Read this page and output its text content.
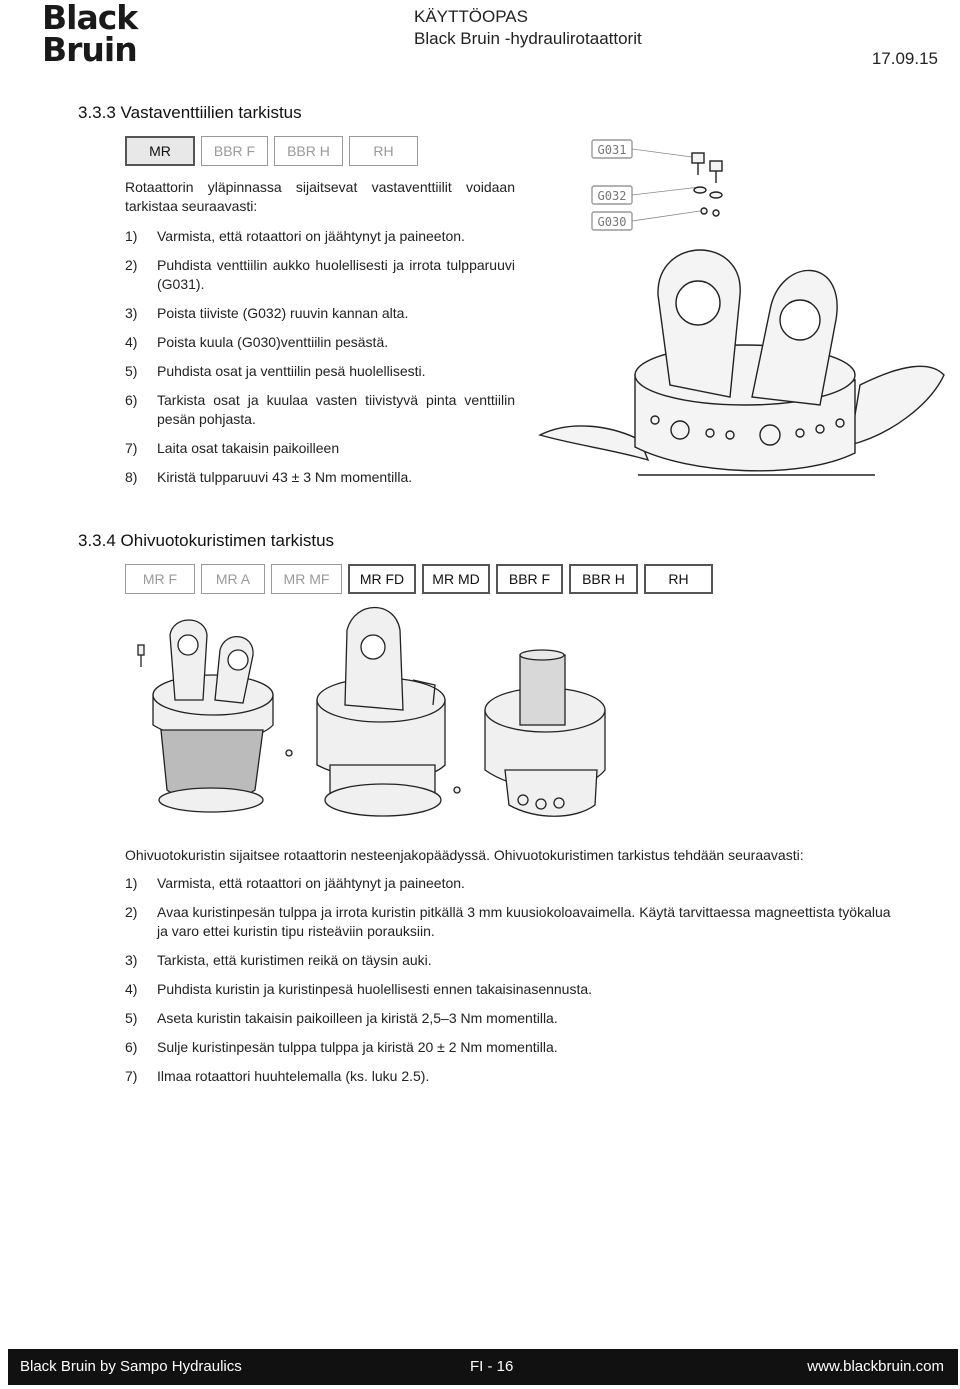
Black
Bruin
KÄYTTÖOPAS
Black Bruin -hydraulirotaattorit
17.09.15
3.3.3 Vastaventtiilien tarkistus
MR	BBR F	BBR H	RH
Rotaattorin yläpinnassa sijaitsevat vastaventtiilit voidaan tarkistaa seuraavasti:
1) Varmista, että rotaattori on jäähtynyt ja paineeton.
2) Puhdista venttiilin aukko huolellisesti ja irrota tulpparuuvi (G031).
3) Poista tiiviste (G032) ruuvin kannan alta.
4) Poista kuula (G030)venttiilin pesästä.
5) Puhdista osat ja venttiilin pesä huolellisesti.
6) Tarkista osat ja kuulaa vasten tiivistyvä pinta venttiilin pesän pohjasta.
7) Laita osat takaisin paikoilleen
8) Kiristä tulpparuuvi 43 ± 3 Nm momentilla.
G031
G032
G030
3.3.4 Ohivuotokuristimen tarkistus
MR F	MR A	MR MF	MR FD	MR MD	BBR F	BBR H	RH
Ohivuotokuristin sijaitsee rotaattorin nesteenjakopäädyssä. Ohivuotokuristimen tarkistus tehdään seuraavasti:
1) Varmista, että rotaattori on jäähtynyt ja paineeton.
2) Avaa kuristinpesän tulppa ja irrota kuristin pitkällä 3 mm kuusiokoloavaimella. Käytä tarvittaessa magneettista työkalua ja varo ettei kuristin tipu risteäviin porauksiin.
3) Tarkista, että kuristimen reikä on täysin auki.
4) Puhdista kuristin ja kuristinpesä huolellisesti ennen takaisinasennusta.
5) Aseta kuristin takaisin paikoilleen ja kiristä 2,5–3 Nm momentilla.
6) Sulje kuristinpesän tulppa tulppa ja kiristä 20 ± 2 Nm momentilla.
7) Ilmaa rotaattori huuhtelemalla (ks. luku 2.5).
Black Bruin by Sampo Hydraulics	FI - 16	www.blackbruin.com
